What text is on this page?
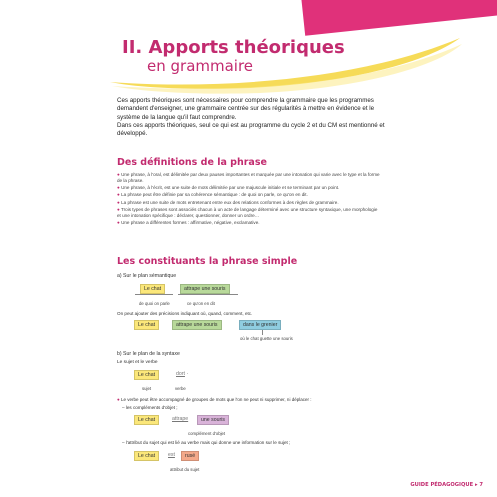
II. Apports théoriques
en grammaire
Ces apports théoriques sont nécessaires pour comprendre la grammaire que les programmes demandent d'enseigner, une grammaire centrée sur des régularités à mettre en évidence et le système de la langue qu'il faut comprendre.
Dans ces apports théoriques, seul ce qui est au programme du cycle 2 et du CM est mentionné et développé.
Des définitions de la phrase
● Une phrase, à l'oral, est délimitée par deux pauses importantes et marquée par une intonation qui varie avec le type et la forme de la phrase.
● Une phrase, à l'écrit, est une suite de mots délimitée par une majuscule initiale et se terminant par un point.
● La phrase peut être définie par sa cohérence sémantique : de quoi on parle, ce qu'on en dit.
● La phrase est une suite de mots entretenant entre eux des relations conformes à des règles de grammaire.
● Trois types de phrases sont associés chacun à un acte de langage déterminé avec une structure syntaxique, une morphologie et une intonation spécifique : déclarer, questionner, donner un ordre…
● Une phrase a différentes formes : affirmative, négative, exclamative.
Les constituants la phrase simple
a) Sur le plan sémantique
Le chat	attrape une souris
de quoi on parle	ce qu'on en dit
On peut ajouter des précisions indiquant où, quand, comment, etc.
Le chat	attrape une souris	dans le grenier
où le chat guette une souris
b) Sur le plan de la syntaxe
Le sujet et le verbe
Le chat	dort .
sujet	verbe
● Le verbe peut être accompagné de groupes de mots que l'on ne peut ni supprimer, ni déplacer :
– les compléments d'objet ;
Le chat	attrape	une souris
complément d'objet
– l'attribut du sujet qui est lié au verbe mais qui donne une information sur le sujet ;
Le chat	est	rusé
attribut du sujet
GUIDE PÉDAGOGIQUE ▸ 7
